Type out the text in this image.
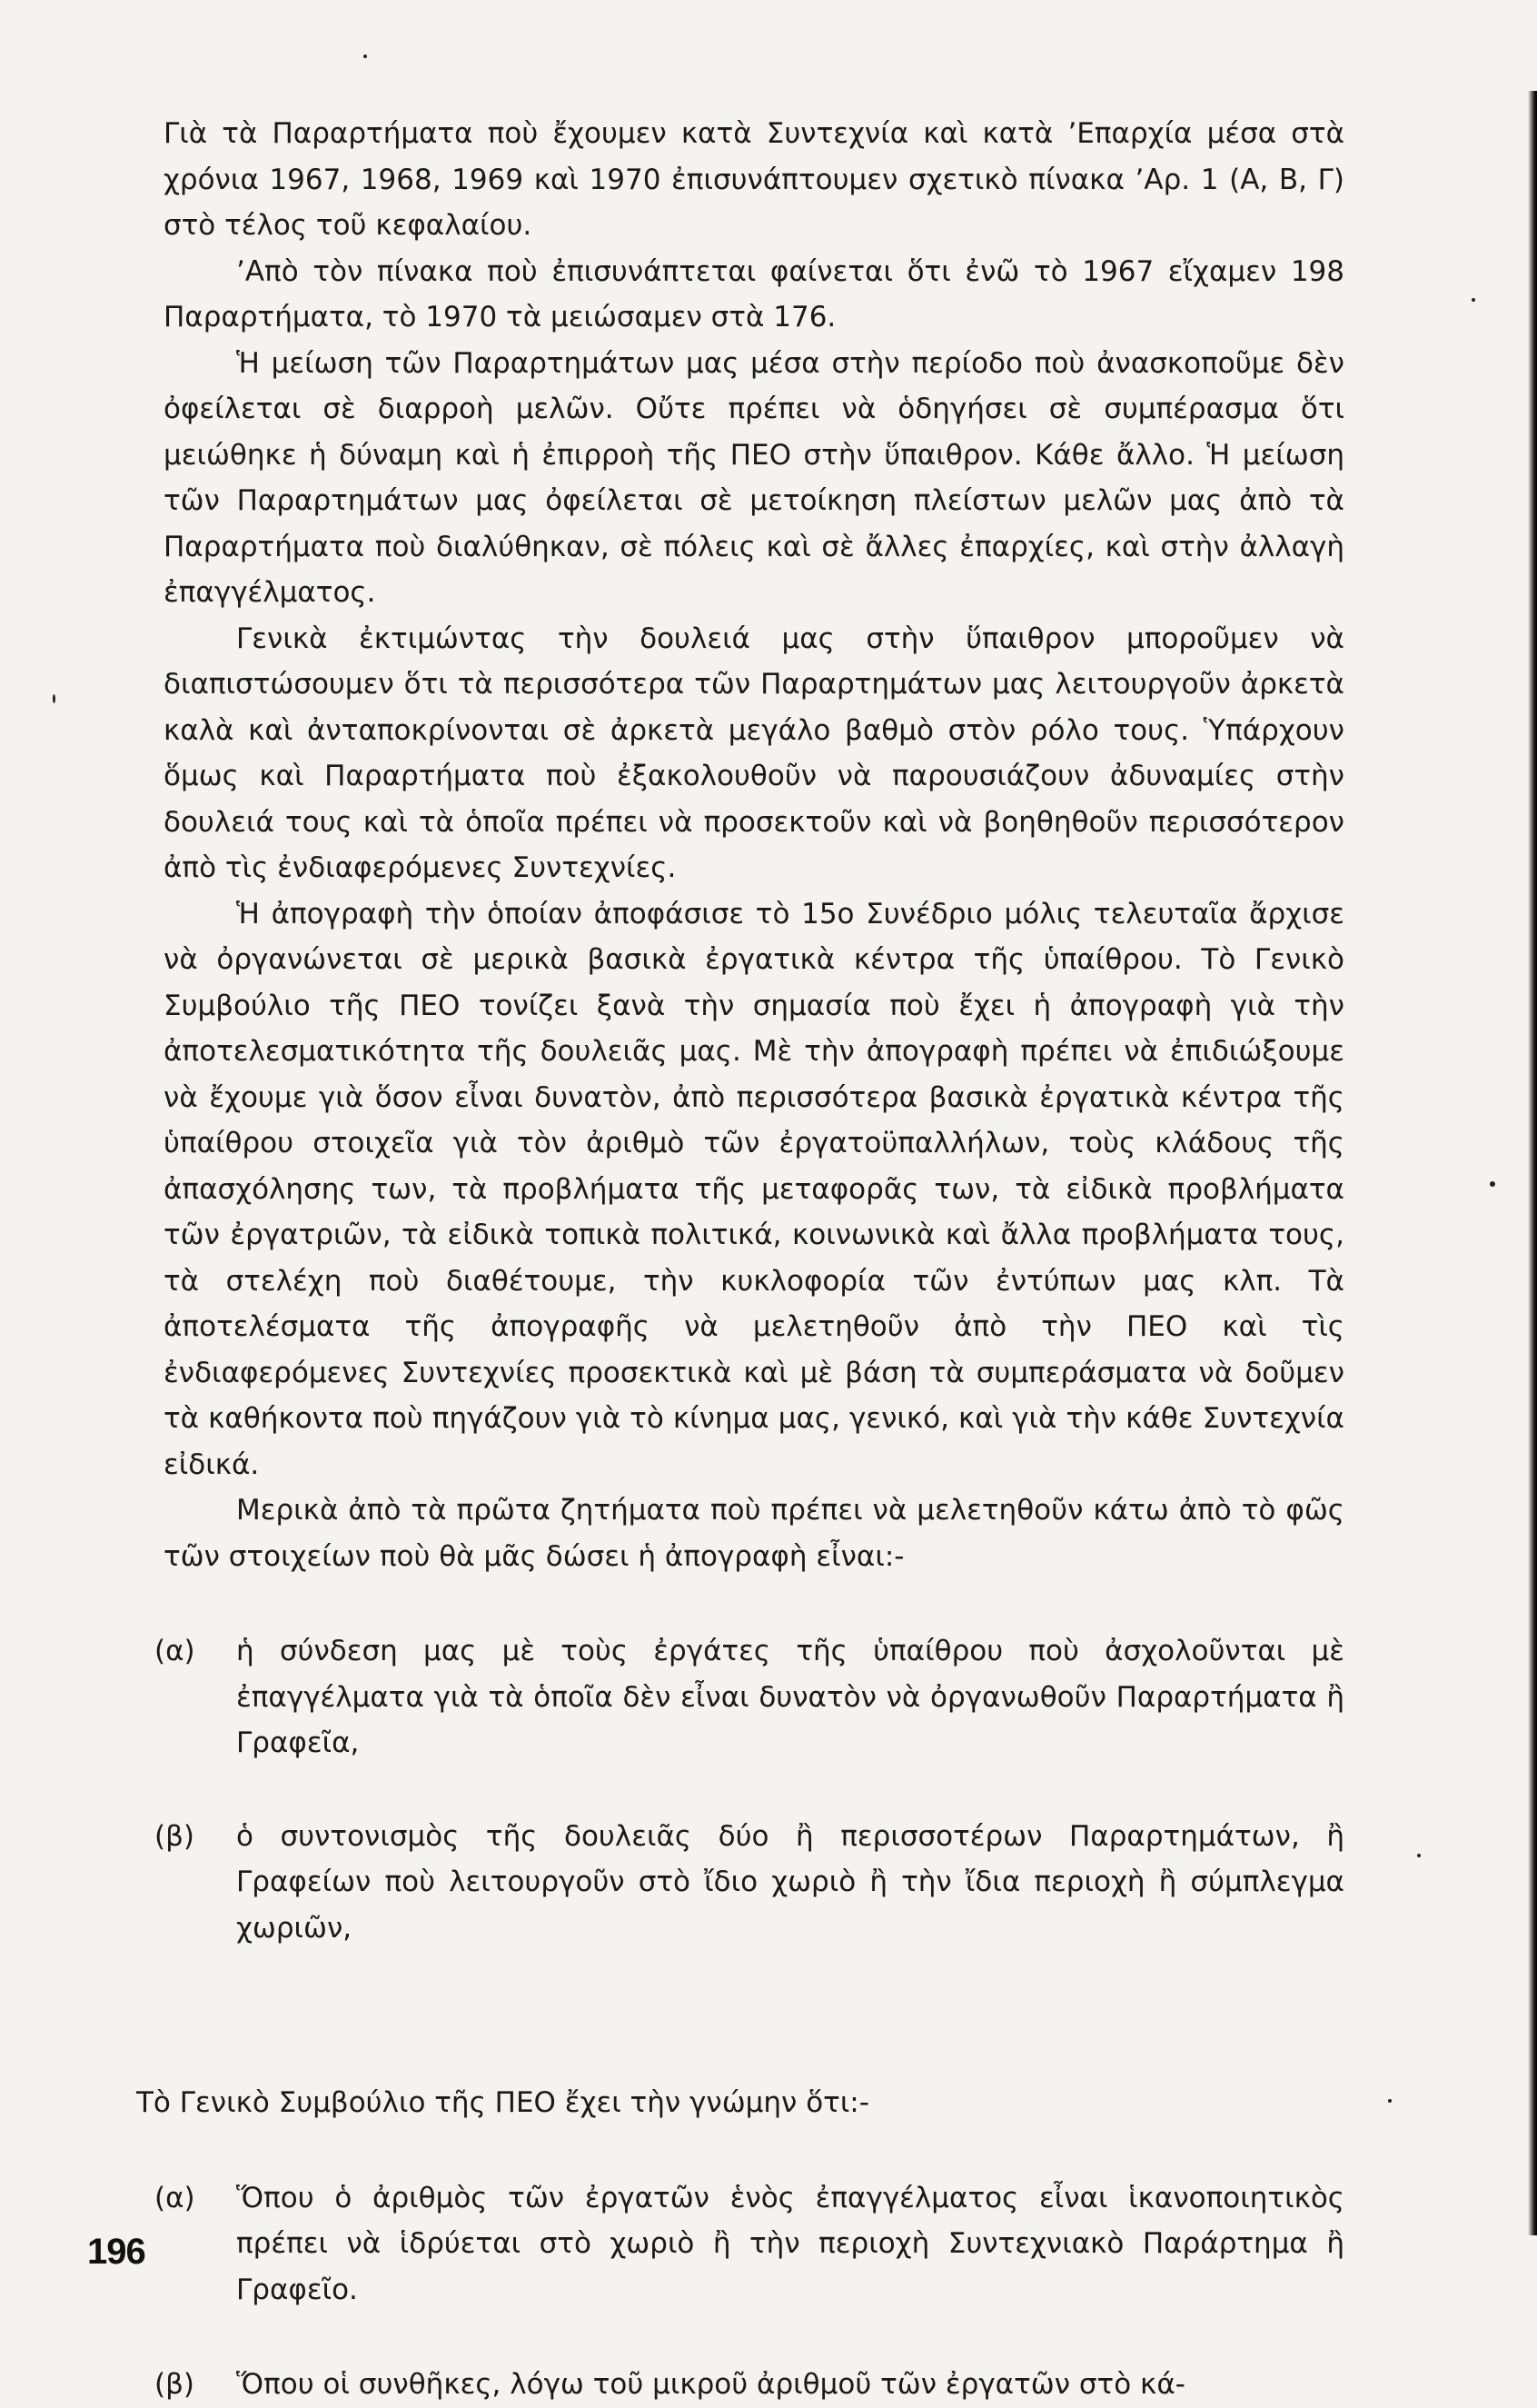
Γιὰ τὰ Παραρτήματα ποὺ ἔχουμεν κατὰ Συντεχνία καὶ κατὰ ʼΕπαρχία μέσα στὰ χρόνια 1967, 1968, 1969 καὶ 1970 ἐπισυνάπτουμεν σχετικὸ πίνακα ʼΑρ. 1 (Α, Β, Γ) στὸ τέλος τοῦ κεφαλαίου.

ʼΑπὸ τὸν πίνακα ποὺ ἐπισυνάπτεται φαίνεται ὅτι ἐνῶ τὸ 1967 εἴχαμεν 198 Παραρτήματα, τὸ 1970 τὰ μειώσαμεν στὰ 176.

Ἡ μείωση τῶν Παραρτημάτων μας μέσα στὴν περίοδο ποὺ ἀνασκοποῦμε δὲν ὀφείλεται σὲ διαρροὴ μελῶν. Οὔτε πρέπει νὰ ὁδηγήσει σὲ συμπέρασμα ὅτι μειώθηκε ἡ δύναμη καὶ ἡ ἐπιρροὴ τῆς ΠΕΟ στὴν ὕπαιθρον. Κάθε ἄλλο. Ἡ μείωση τῶν Παραρτημάτων μας ὀφείλεται σὲ μετοίκηση πλείστων μελῶν μας ἀπὸ τὰ Παραρτήματα ποὺ διαλύθηκαν, σὲ πόλεις καὶ σὲ ἄλλες ἐπαρχίες, καὶ στὴν ἀλλαγὴ ἐπαγγέλματος.

Γενικὰ ἐκτιμώντας τὴν δουλειά μας στὴν ὕπαιθρον μποροῦμεν νὰ διαπιστώσουμεν ὅτι τὰ περισσότερα τῶν Παραρτημάτων μας λειτουργοῦν ἀρκετὰ καλὰ καὶ ἀνταποκρίνονται σὲ ἀρκετὰ μεγάλο βαθμὸ στὸν ρόλο τους. Ὑπάρχουν ὅμως καὶ Παραρτήματα ποὺ ἐξακολουθοῦν νὰ παρουσιάζουν ἀδυναμίες στὴν δουλειά τους καὶ τὰ ὁποῖα πρέπει νὰ προσεκτοῦν καὶ νὰ βοηθηθοῦν περισσότερον ἀπὸ τὶς ἐνδιαφερόμενες Συντεχνίες.

Ἡ ἀπογραφὴ τὴν ὁποίαν ἀποφάσισε τὸ 15ο Συνέδριο μόλις τελευταῖα ἄρχισε νὰ ὀργανώνεται σὲ μερικὰ βασικὰ ἐργατικὰ κέντρα τῆς ὑπαίθρου. Τὸ Γενικὸ Συμβούλιο τῆς ΠΕΟ τονίζει ξανὰ τὴν σημασία ποὺ ἔχει ἡ ἀπογραφὴ γιὰ τὴν ἀποτελεσματικότητα τῆς δουλειᾶς μας. Μὲ τὴν ἀπογραφὴ πρέπει νὰ ἐπιδιώξουμε νὰ ἔχουμε γιὰ ὅσον εἶναι δυνατὸν, ἀπὸ περισσότερα βασικὰ ἐργατικὰ κέντρα τῆς ὑπαίθρου στοιχεῖα γιὰ τὸν ἀριθμὸ τῶν ἐργατοϋπαλλήλων, τοὺς κλάδους τῆς ἀπασχόλησης των, τὰ προβλήματα τῆς μεταφορᾶς των, τὰ εἰδικὰ προβλήματα τῶν ἐργατριῶν, τὰ εἰδικὰ τοπικὰ πολιτικά, κοινωνικὰ καὶ ἄλλα προβλήματα τους, τὰ στελέχη ποὺ διαθέτουμε, τὴν κυκλοφορία τῶν ἐντύπων μας κλπ. Τὰ ἀποτελέσματα τῆς ἀπογραφῆς νὰ μελετηθοῦν ἀπὸ τὴν ΠΕΟ καὶ τὶς ἐνδιαφερόμενες Συντεχνίες προσεκτικὰ καὶ μὲ βάση τὰ συμπεράσματα νὰ δοῦμεν τὰ καθήκοντα ποὺ πηγάζουν γιὰ τὸ κίνημα μας, γενικό, καὶ γιὰ τὴν κάθε Συντεχνία εἰδικά.

Μερικὰ ἀπὸ τὰ πρῶτα ζητήματα ποὺ πρέπει νὰ μελετηθοῦν κάτω ἀπὸ τὸ φῶς τῶν στοιχείων ποὺ θὰ μᾶς δώσει ἡ ἀπογραφὴ εἶναι:-

(α)	ἡ σύνδεση μας μὲ τοὺς ἐργάτες τῆς ὑπαίθρου ποὺ ἀσχολοῦνται μὲ ἐπαγγέλματα γιὰ τὰ ὁποῖα δὲν εἶναι δυνατὸν νὰ ὀργανωθοῦν Παραρτήματα ἢ Γραφεῖα,
(β)	ὁ συντονισμὸς τῆς δουλειᾶς δύο ἢ περισσοτέρων Παραρτημάτων, ἢ Γραφείων ποὺ λειτουργοῦν στὸ ἴδιο χωριὸ ἢ τὴν ἴδια περιοχὴ ἢ σύμπλεγμα χωριῶν,

Τὸ Γενικὸ Συμβούλιο τῆς ΠΕΟ ἔχει τὴν γνώμην ὅτι:-

(α)	Ὅπου ὁ ἀριθμὸς τῶν ἐργατῶν ἑνὸς ἐπαγγέλματος εἶναι ἱκανοποιητικὸς πρέπει νὰ ἱδρύεται στὸ χωριὸ ἢ τὴν περιοχὴ Συντεχνιακὸ Παράρτημα ἢ Γραφεῖο.
(β)	Ὅπου οἱ συνθῆκες, λόγω τοῦ μικροῦ ἀριθμοῦ τῶν ἐργατῶν στὸ κά-
196
